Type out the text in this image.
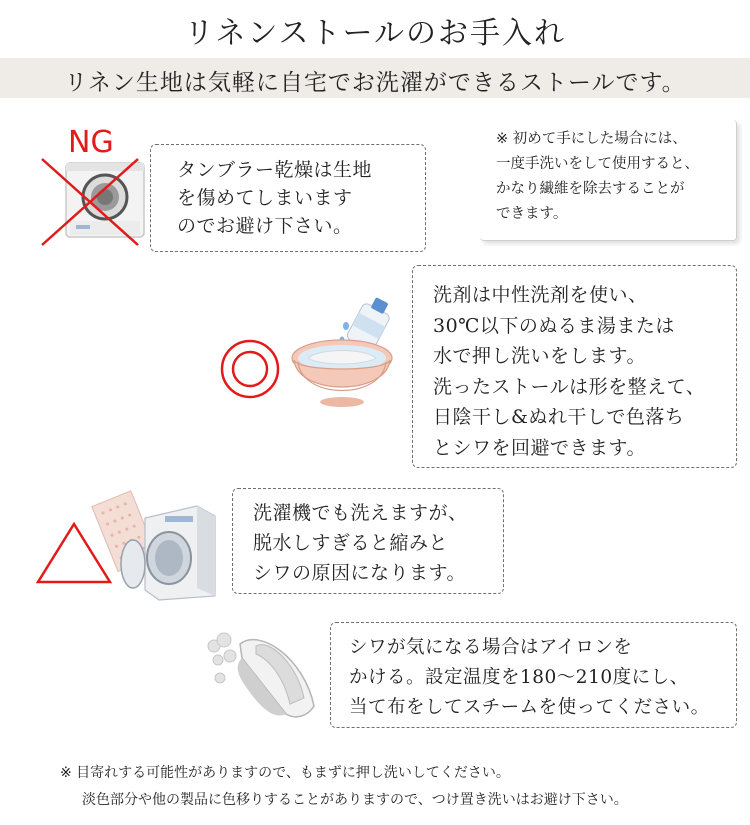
リネンストールのお手入れ
リネン生地は気軽に自宅でお洗濯ができるストールです。
NG
タンブラー乾燥は生地
を傷めてしまいます
のでお避け下さい。
※ 初めて手にした場合には、
一度手洗いをして使用すると、
かなり繊維を除去することが
できます。
洗剤は中性洗剤を使い、
30℃以下のぬるま湯または
水で押し洗いをします。
洗ったストールは形を整えて、
日陰干し&ぬれ干しで色落ち
とシワを回避できます。
洗濯機でも洗えますが、
脱水しすぎると縮みと
シワの原因になります。
シワが気になる場合はアイロンを
かける。設定温度を180〜210度にし、
当て布をしてスチームを使ってください。
※ 目寄れする可能性がありますので、もまずに押し洗いしてください。
淡色部分や他の製品に色移りすることがありますので、つけ置き洗いはお避け下さい。
